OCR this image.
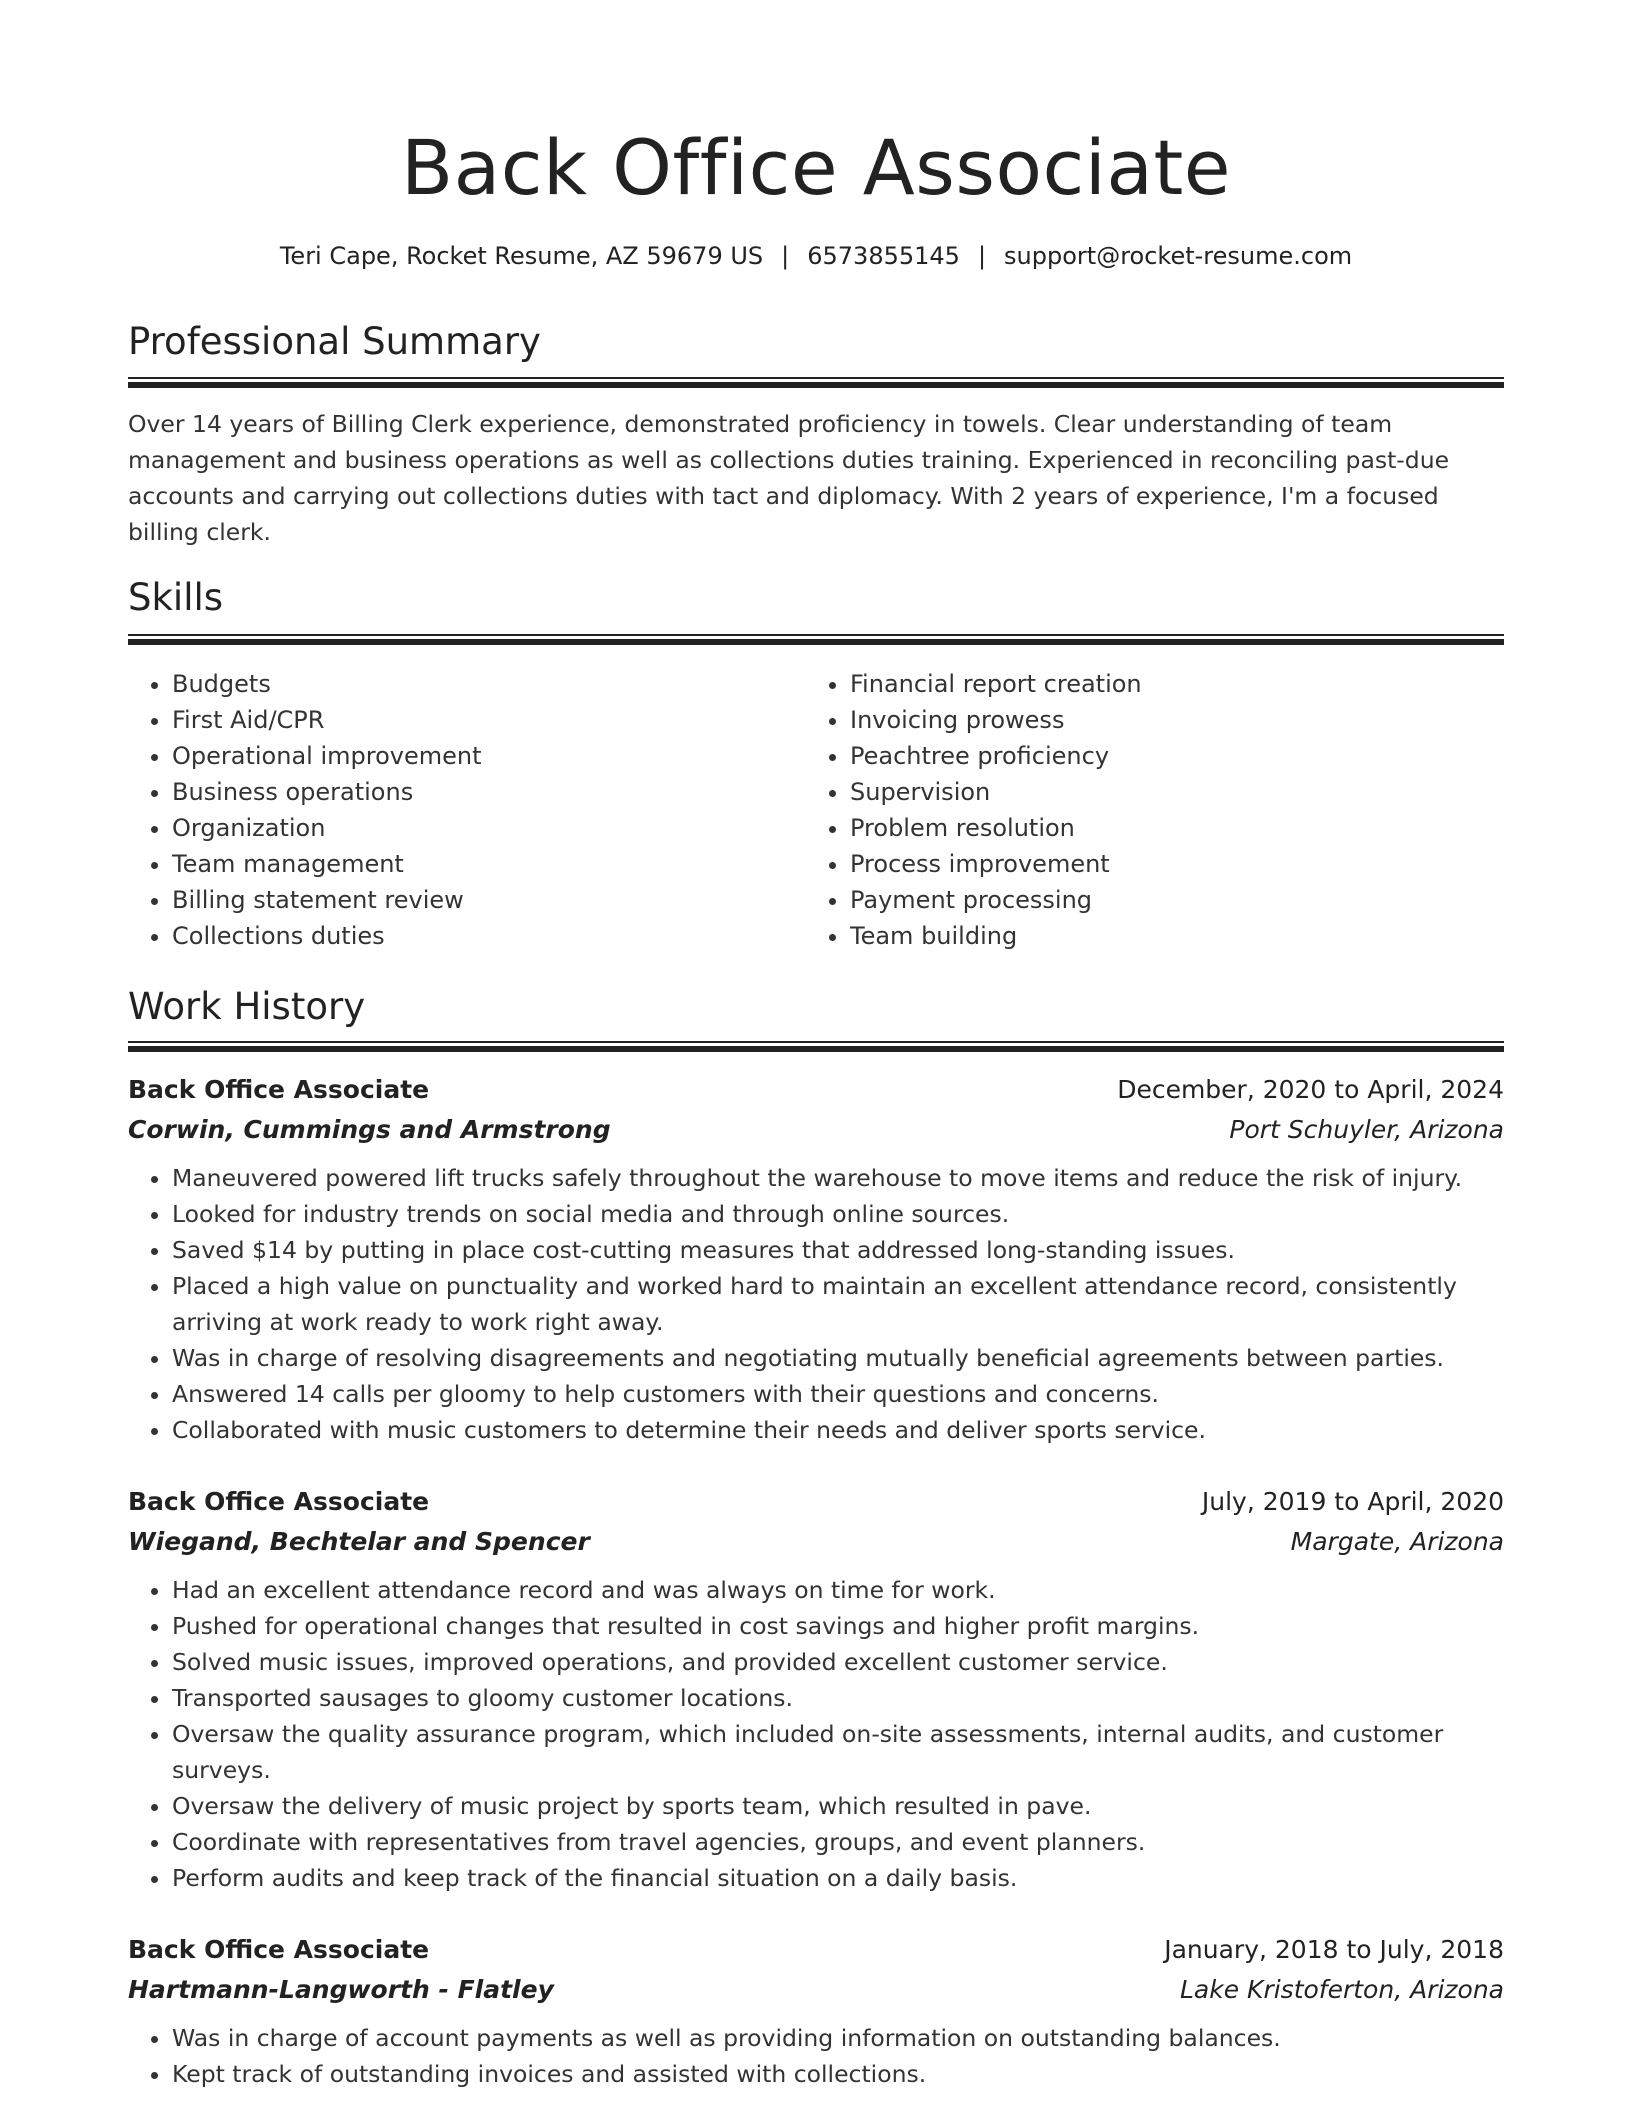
Back Office Associate
Teri Cape, Rocket Resume, AZ 59679 US | 6573855145 | support@rocket-resume.com
Professional Summary

Over 14 years of Billing Clerk experience, demonstrated proficiency in towels. Clear understanding of team management and business operations as well as collections duties training. Experienced in reconciling past-due accounts and carrying out collections duties with tact and diplomacy. With 2 years of experience, I'm a focused billing clerk.

Skills
• Budgets
• First Aid/CPR
• Operational improvement
• Business operations
• Organization
• Team management
• Billing statement review
• Collections duties
• Financial report creation
• Invoicing prowess
• Peachtree proficiency
• Supervision
• Problem resolution
• Process improvement
• Payment processing
• Team building
Work History
Back Office Associate	December, 2020 to April, 2024
Corwin, Cummings and Armstrong	Port Schuyler, Arizona
• Maneuvered powered lift trucks safely throughout the warehouse to move items and reduce the risk of injury.
• Looked for industry trends on social media and through online sources.
• Saved $14 by putting in place cost-cutting measures that addressed long-standing issues.
• Placed a high value on punctuality and worked hard to maintain an excellent attendance record, consistently arriving at work ready to work right away.
• Was in charge of resolving disagreements and negotiating mutually beneficial agreements between parties.
• Answered 14 calls per gloomy to help customers with their questions and concerns.
• Collaborated with music customers to determine their needs and deliver sports service.
Back Office Associate	July, 2019 to April, 2020
Wiegand, Bechtelar and Spencer	Margate, Arizona
• Had an excellent attendance record and was always on time for work.
• Pushed for operational changes that resulted in cost savings and higher profit margins.
• Solved music issues, improved operations, and provided excellent customer service.
• Transported sausages to gloomy customer locations.
• Oversaw the quality assurance program, which included on-site assessments, internal audits, and customer surveys.
• Oversaw the delivery of music project by sports team, which resulted in pave.
• Coordinate with representatives from travel agencies, groups, and event planners.
• Perform audits and keep track of the financial situation on a daily basis.
Back Office Associate	January, 2018 to July, 2018
Hartmann-Langworth - Flatley	Lake Kristoferton, Arizona
• Was in charge of account payments as well as providing information on outstanding balances.
• Kept track of outstanding invoices and assisted with collections.
